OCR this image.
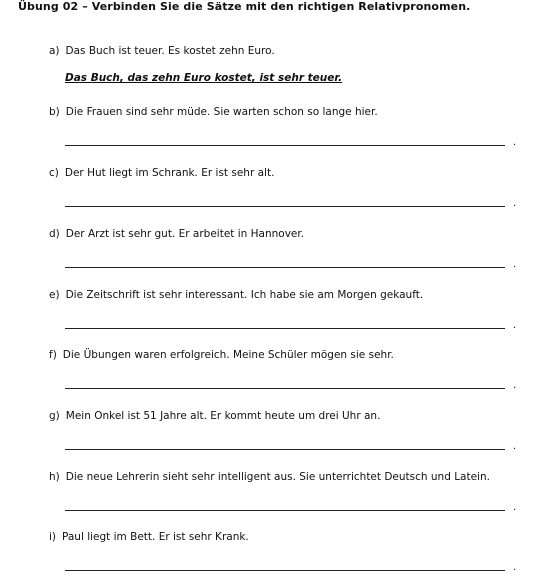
Übung 02 – Verbinden Sie die Sätze mit den richtigen Relativpronomen.
a) Das Buch ist teuer. Es kostet zehn Euro.
Das Buch, das zehn Euro kostet, ist sehr teuer.
b) Die Frauen sind sehr müde. Sie warten schon so lange hier.
.
c) Der Hut liegt im Schrank. Er ist sehr alt.
.
d) Der Arzt ist sehr gut. Er arbeitet in Hannover.
.
e) Die Zeitschrift ist sehr interessant. Ich habe sie am Morgen gekauft.
.
f) Die Übungen waren erfolgreich. Meine Schüler mögen sie sehr.
.
g) Mein Onkel ist 51 Jahre alt. Er kommt heute um drei Uhr an.
.
h) Die neue Lehrerin sieht sehr intelligent aus. Sie unterrichtet Deutsch und Latein.
.
i) Paul liegt im Bett. Er ist sehr Krank.
.
